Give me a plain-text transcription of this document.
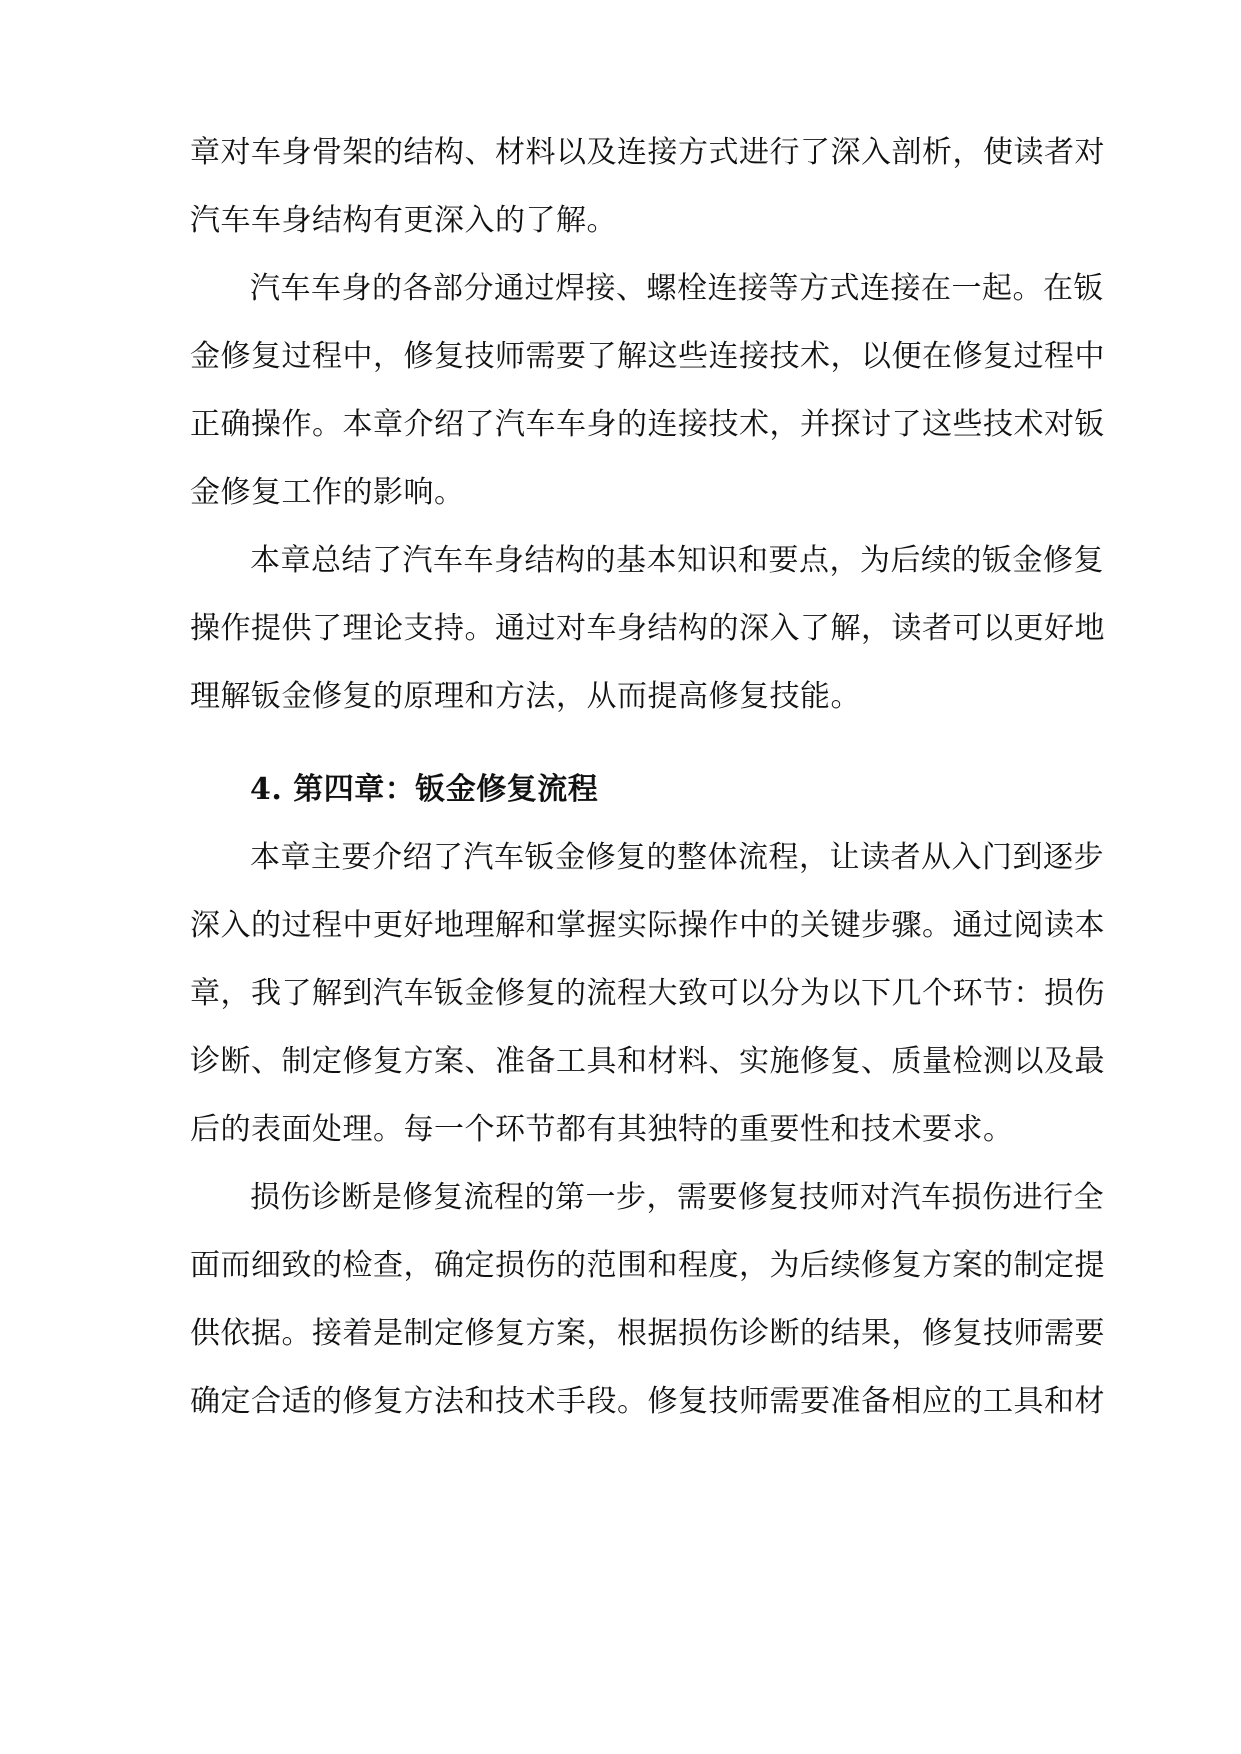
章对车身骨架的结构、材料以及连接方式进行了深入剖析，使读者对
汽车车身结构有更深入的了解。
汽车车身的各部分通过焊接、螺栓连接等方式连接在一起。在钣
金修复过程中，修复技师需要了解这些连接技术，以便在修复过程中
正确操作。本章介绍了汽车车身的连接技术，并探讨了这些技术对钣
金修复工作的影响。
本章总结了汽车车身结构的基本知识和要点，为后续的钣金修复
操作提供了理论支持。通过对车身结构的深入了解，读者可以更好地
理解钣金修复的原理和方法，从而提高修复技能。
4. 第四章：钣金修复流程
本章主要介绍了汽车钣金修复的整体流程，让读者从入门到逐步
深入的过程中更好地理解和掌握实际操作中的关键步骤。通过阅读本
章，我了解到汽车钣金修复的流程大致可以分为以下几个环节：损伤
诊断、制定修复方案、准备工具和材料、实施修复、质量检测以及最
后的表面处理。每一个环节都有其独特的重要性和技术要求。
损伤诊断是修复流程的第一步，需要修复技师对汽车损伤进行全
面而细致的检查，确定损伤的范围和程度，为后续修复方案的制定提
供依据。接着是制定修复方案，根据损伤诊断的结果，修复技师需要
确定合适的修复方法和技术手段。修复技师需要准备相应的工具和材
